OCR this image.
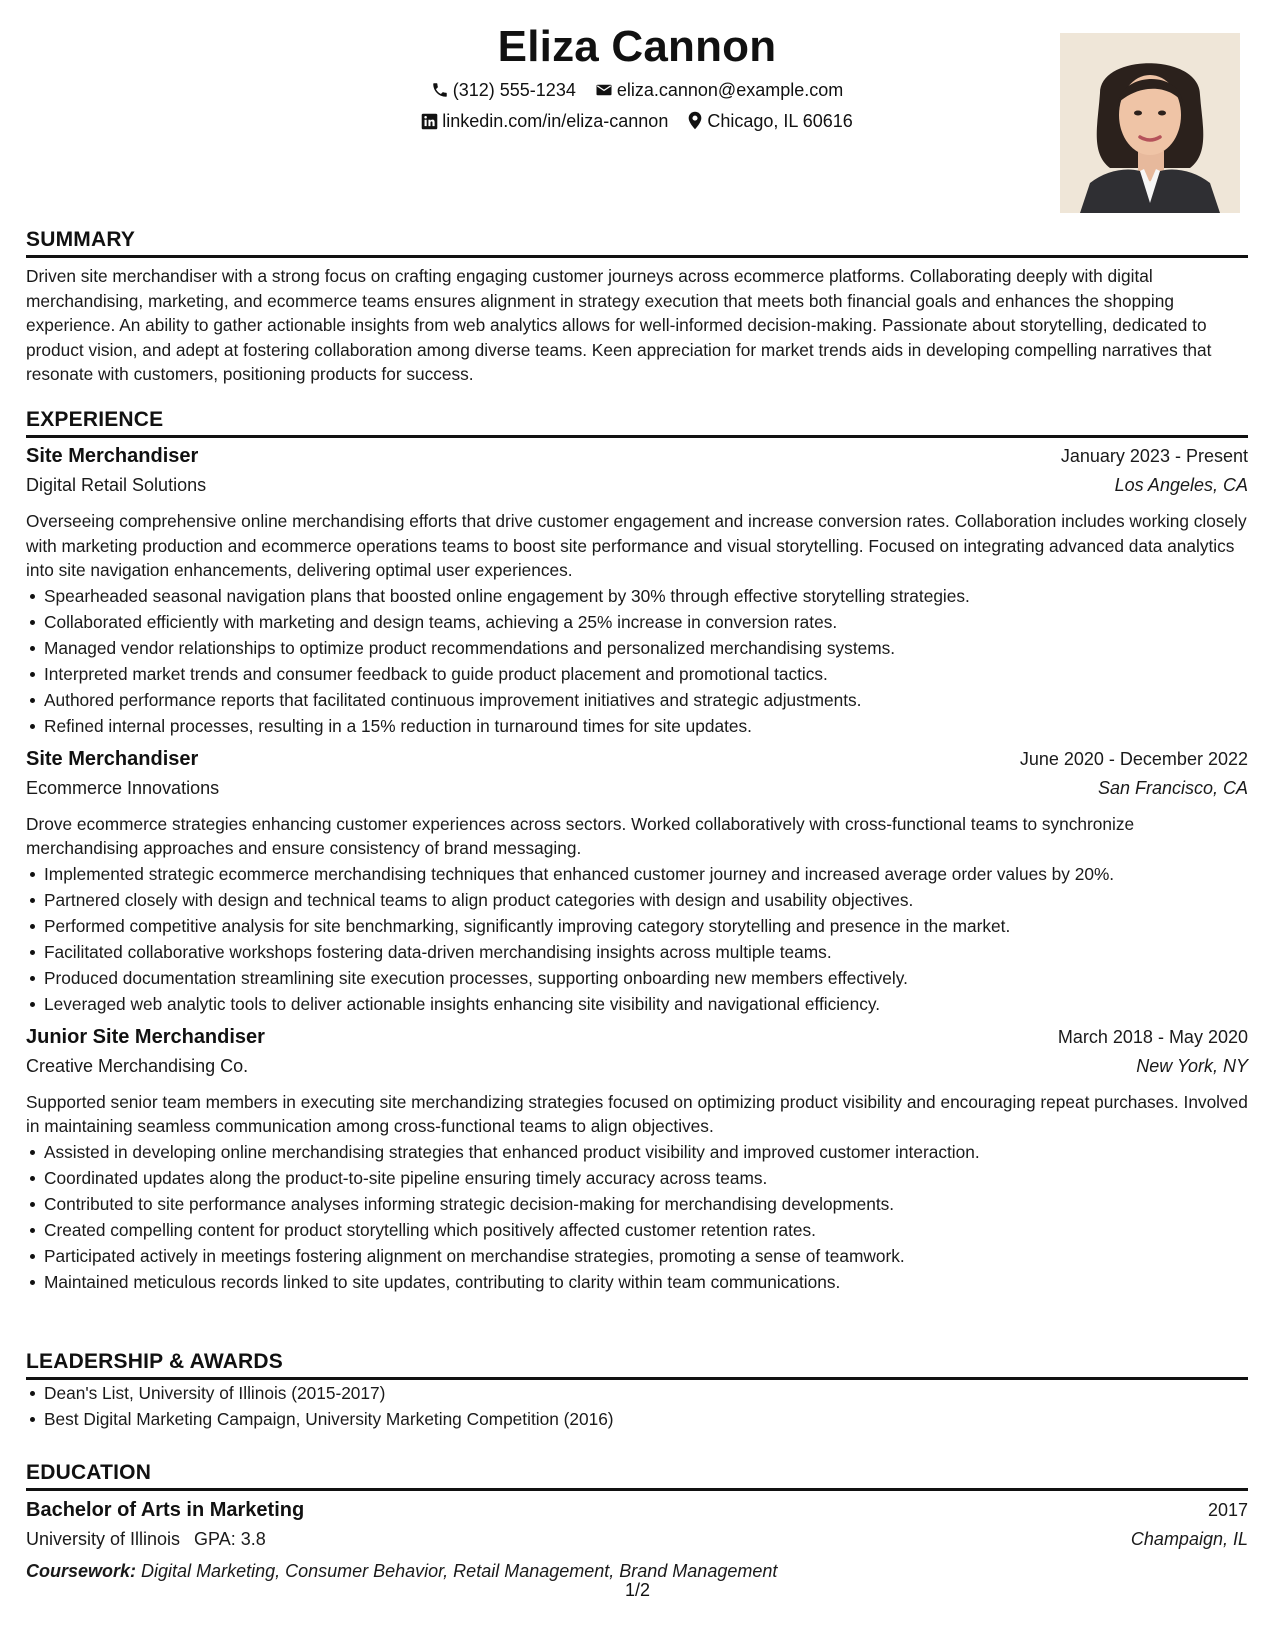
Eliza Cannon
(312) 555-1234 eliza.cannon@example.com
linkedin.com/in/eliza-cannon Chicago, IL 60616
SUMMARY

Driven site merchandiser with a strong focus on crafting engaging customer journeys across ecommerce platforms. Collaborating deeply with digital merchandising, marketing, and ecommerce teams ensures alignment in strategy execution that meets both financial goals and enhances the shopping experience. An ability to gather actionable insights from web analytics allows for well-informed decision-making. Passionate about storytelling, dedicated to product vision, and adept at fostering collaboration among diverse teams. Keen appreciation for market trends aids in developing compelling narratives that resonate with customers, positioning products for success.

EXPERIENCE
Site Merchandiser	January 2023 - Present
Digital Retail Solutions	Los Angeles, CA

Overseeing comprehensive online merchandising efforts that drive customer engagement and increase conversion rates. Collaboration includes working closely with marketing production and ecommerce operations teams to boost site performance and visual storytelling. Focused on integrating advanced data analytics into site navigation enhancements, delivering optimal user experiences.

Spearheaded seasonal navigation plans that boosted online engagement by 30% through effective storytelling strategies.
Collaborated efficiently with marketing and design teams, achieving a 25% increase in conversion rates.
Managed vendor relationships to optimize product recommendations and personalized merchandising systems.
Interpreted market trends and consumer feedback to guide product placement and promotional tactics.
Authored performance reports that facilitated continuous improvement initiatives and strategic adjustments.
Refined internal processes, resulting in a 15% reduction in turnaround times for site updates.
Site Merchandiser	June 2020 - December 2022
Ecommerce Innovations	San Francisco, CA

Drove ecommerce strategies enhancing customer experiences across sectors. Worked collaboratively with cross-functional teams to synchronize merchandising approaches and ensure consistency of brand messaging.

Implemented strategic ecommerce merchandising techniques that enhanced customer journey and increased average order values by 20%.
Partnered closely with design and technical teams to align product categories with design and usability objectives.
Performed competitive analysis for site benchmarking, significantly improving category storytelling and presence in the market.
Facilitated collaborative workshops fostering data-driven merchandising insights across multiple teams.
Produced documentation streamlining site execution processes, supporting onboarding new members effectively.
Leveraged web analytic tools to deliver actionable insights enhancing site visibility and navigational efficiency.
Junior Site Merchandiser	March 2018 - May 2020
Creative Merchandising Co.	New York, NY

Supported senior team members in executing site merchandizing strategies focused on optimizing product visibility and encouraging repeat purchases. Involved in maintaining seamless communication among cross-functional teams to align objectives.

Assisted in developing online merchandising strategies that enhanced product visibility and improved customer interaction.
Coordinated updates along the product-to-site pipeline ensuring timely accuracy across teams.
Contributed to site performance analyses informing strategic decision-making for merchandising developments.
Created compelling content for product storytelling which positively affected customer retention rates.
Participated actively in meetings fostering alignment on merchandise strategies, promoting a sense of teamwork.
Maintained meticulous records linked to site updates, contributing to clarity within team communications.
LEADERSHIP & AWARDS
Dean's List, University of Illinois (2015-2017)
Best Digital Marketing Campaign, University Marketing Competition (2016)
EDUCATION
Bachelor of Arts in Marketing	2017
University of Illinois GPA: 3.8	Champaign, IL
Coursework: Digital Marketing, Consumer Behavior, Retail Management, Brand Management
1/2
